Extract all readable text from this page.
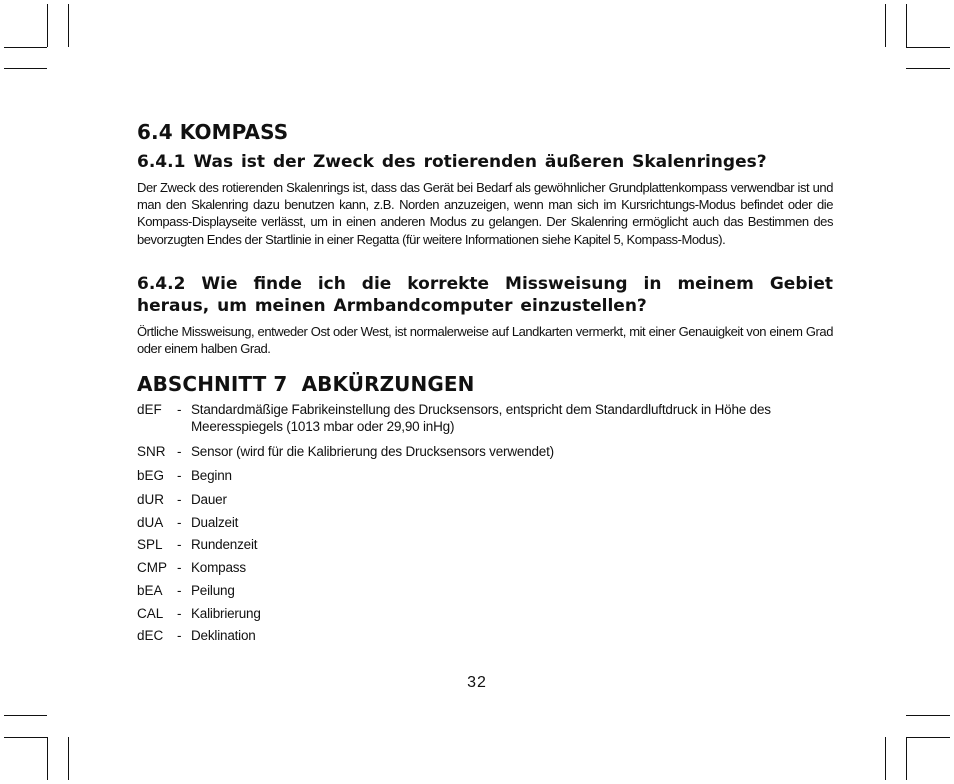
6.4 KOMPASS
6.4.1 Was ist der Zweck des rotierenden äußeren Skalenringes?

Der Zweck des rotierenden Skalenrings ist, dass das Gerät bei Bedarf als gewöhnlicher Grundplattenkompass verwendbar ist und man den Skalenring dazu benutzen kann, z.B. Norden anzuzeigen, wenn man sich im Kursrichtungs-Modus befindet oder die Kompass-Displayseite verlässt, um in einen anderen Modus zu gelangen. Der Skalenring ermöglicht auch das Bestimmen des bevorzugten Endes der Startlinie in einer Regatta (für weitere Informationen siehe Kapitel 5, Kompass-Modus).

6.4.2 Wie finde ich die korrekte Missweisung in meinem Gebiet
heraus, um meinen Armbandcomputer einzustellen?

Örtliche Missweisung, entweder Ost oder West, ist normalerweise auf Landkarten vermerkt, mit einer Genauigkeit von einem Grad oder einem halben Grad.

ABSCHNITT 7  ABKÜRZUNGEN
dEF - Standardmäßige Fabrikeinstellung des Drucksensors, entspricht dem Standardluftdruck in Höhe des Meeresspiegels (1013 mbar oder 29,90 inHg)
SNR - Sensor (wird für die Kalibrierung des Drucksensors verwendet)
bEG - Beginn
dUR - Dauer
dUA - Dualzeit
SPL - Rundenzeit
CMP - Kompass
bEA - Peilung
CAL - Kalibrierung
dEC - Deklination
32
